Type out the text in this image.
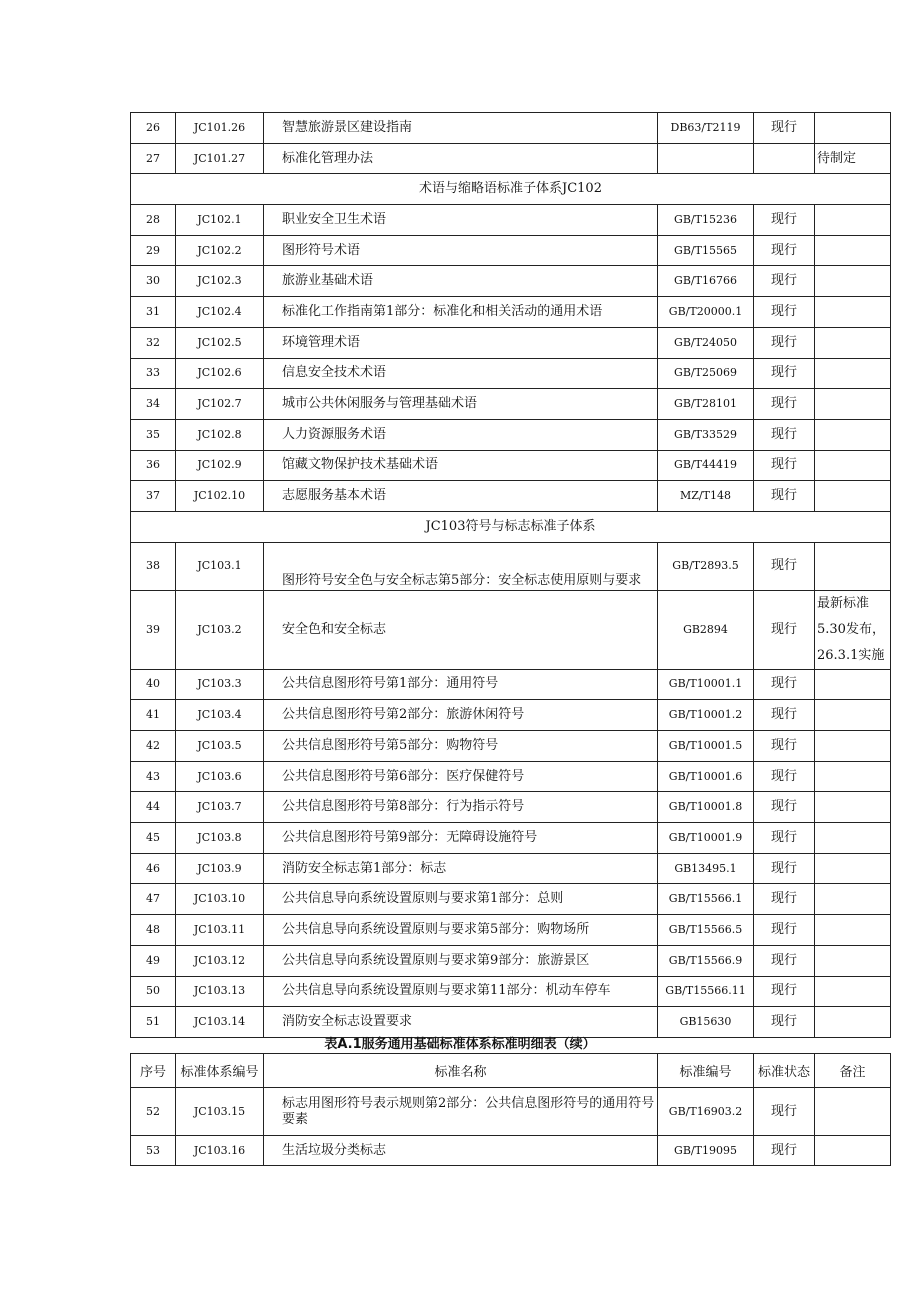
26	JC101.26	智慧旅游景区建设指南	DB63/T2119	现行	
27	JC101.27	标准化管理办法			待制定
术语与缩略语标准子体系JC102					
28	JC102.1	职业安全卫生术语	GB/T15236	现行	
29	JC102.2	图形符号术语	GB/T15565	现行	
30	JC102.3	旅游业基础术语	GB/T16766	现行	
31	JC102.4	标准化工作指南第1部分：标准化和相关活动的通用术语	GB/T20000.1	现行	
32	JC102.5	环境管理术语	GB/T24050	现行	
33	JC102.6	信息安全技术术语	GB/T25069	现行	
34	JC102.7	城市公共休闲服务与管理基础术语	GB/T28101	现行	
35	JC102.8	人力资源服务术语	GB/T33529	现行	
36	JC102.9	馆藏文物保护技术基础术语	GB/T44419	现行	
37	JC102.10	志愿服务基本术语	MZ/T148	现行	
JC103符号与标志标准子体系					
38	JC103.1	图形符号安全色与安全标志第5部分：安全标志使用原则与要求	GB/T2893.5	现行	
39	JC103.2	安全色和安全标志	GB2894	现行	最新标准5.30发布，26.3.1实施
40	JC103.3	公共信息图形符号第1部分：通用符号	GB/T10001.1	现行	
41	JC103.4	公共信息图形符号第2部分：旅游休闲符号	GB/T10001.2	现行	
42	JC103.5	公共信息图形符号第5部分：购物符号	GB/T10001.5	现行	
43	JC103.6	公共信息图形符号第6部分：医疗保健符号	GB/T10001.6	现行	
44	JC103.7	公共信息图形符号第8部分：行为指示符号	GB/T10001.8	现行	
45	JC103.8	公共信息图形符号第9部分：无障碍设施符号	GB/T10001.9	现行	
46	JC103.9	消防安全标志第1部分：标志	GB13495.1	现行	
47	JC103.10	公共信息导向系统设置原则与要求第1部分：总则	GB/T15566.1	现行	
48	JC103.11	公共信息导向系统设置原则与要求第5部分：购物场所	GB/T15566.5	现行	
49	JC103.12	公共信息导向系统设置原则与要求第9部分：旅游景区	GB/T15566.9	现行	
50	JC103.13	公共信息导向系统设置原则与要求第11部分：机动车停车	GB/T15566.11	现行	
51	JC103.14	消防安全标志设置要求	GB15630	现行	
表A.1服务通用基础标准体系标准明细表（续）
序号	标准体系编号	标准名称	标准编号	标准状态	备注
52	JC103.15	标志用图形符号表示规则第2部分：公共信息图形符号的通用符号要素	GB/T16903.2	现行	
53	JC103.16	生活垃圾分类标志	GB/T19095	现行	
